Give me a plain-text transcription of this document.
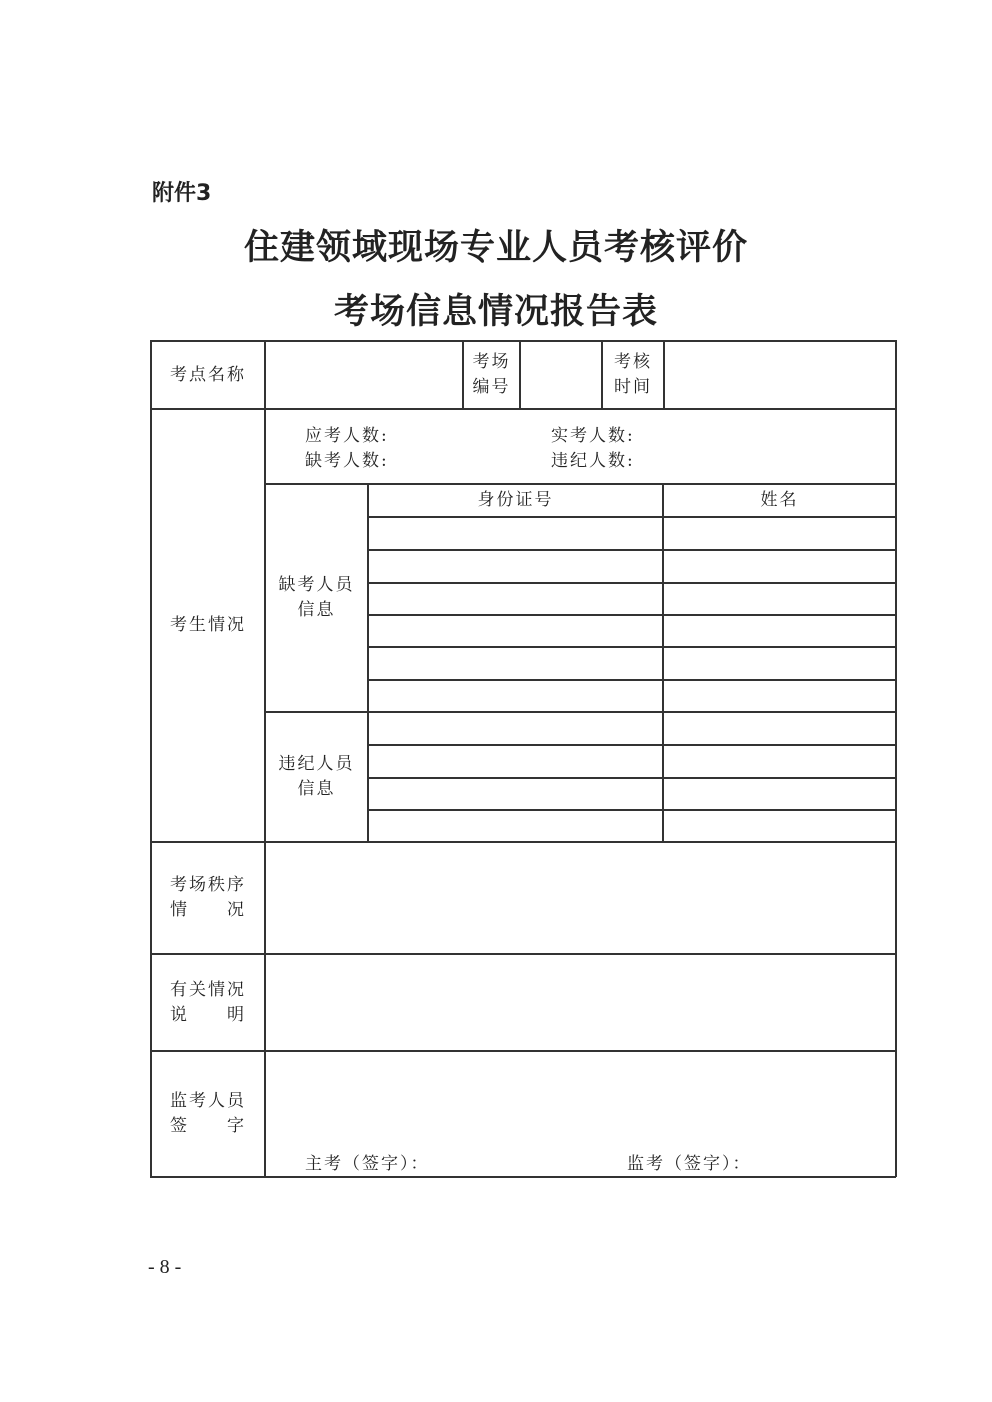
附件3
住建领域现场专业人员考核评价
考场信息情况报告表
考点名称
考场
编号
考核
时间
考生情况
应考人数:
缺考人数:
实考人数:
违纪人数:
身份证号	姓名
缺考人员
信息
违纪人员
信息
考场秩序
情　　况
有关情况
说　　明
监考人员
签　　字
主考（签字）：	监考（签字）：
- 8 -
